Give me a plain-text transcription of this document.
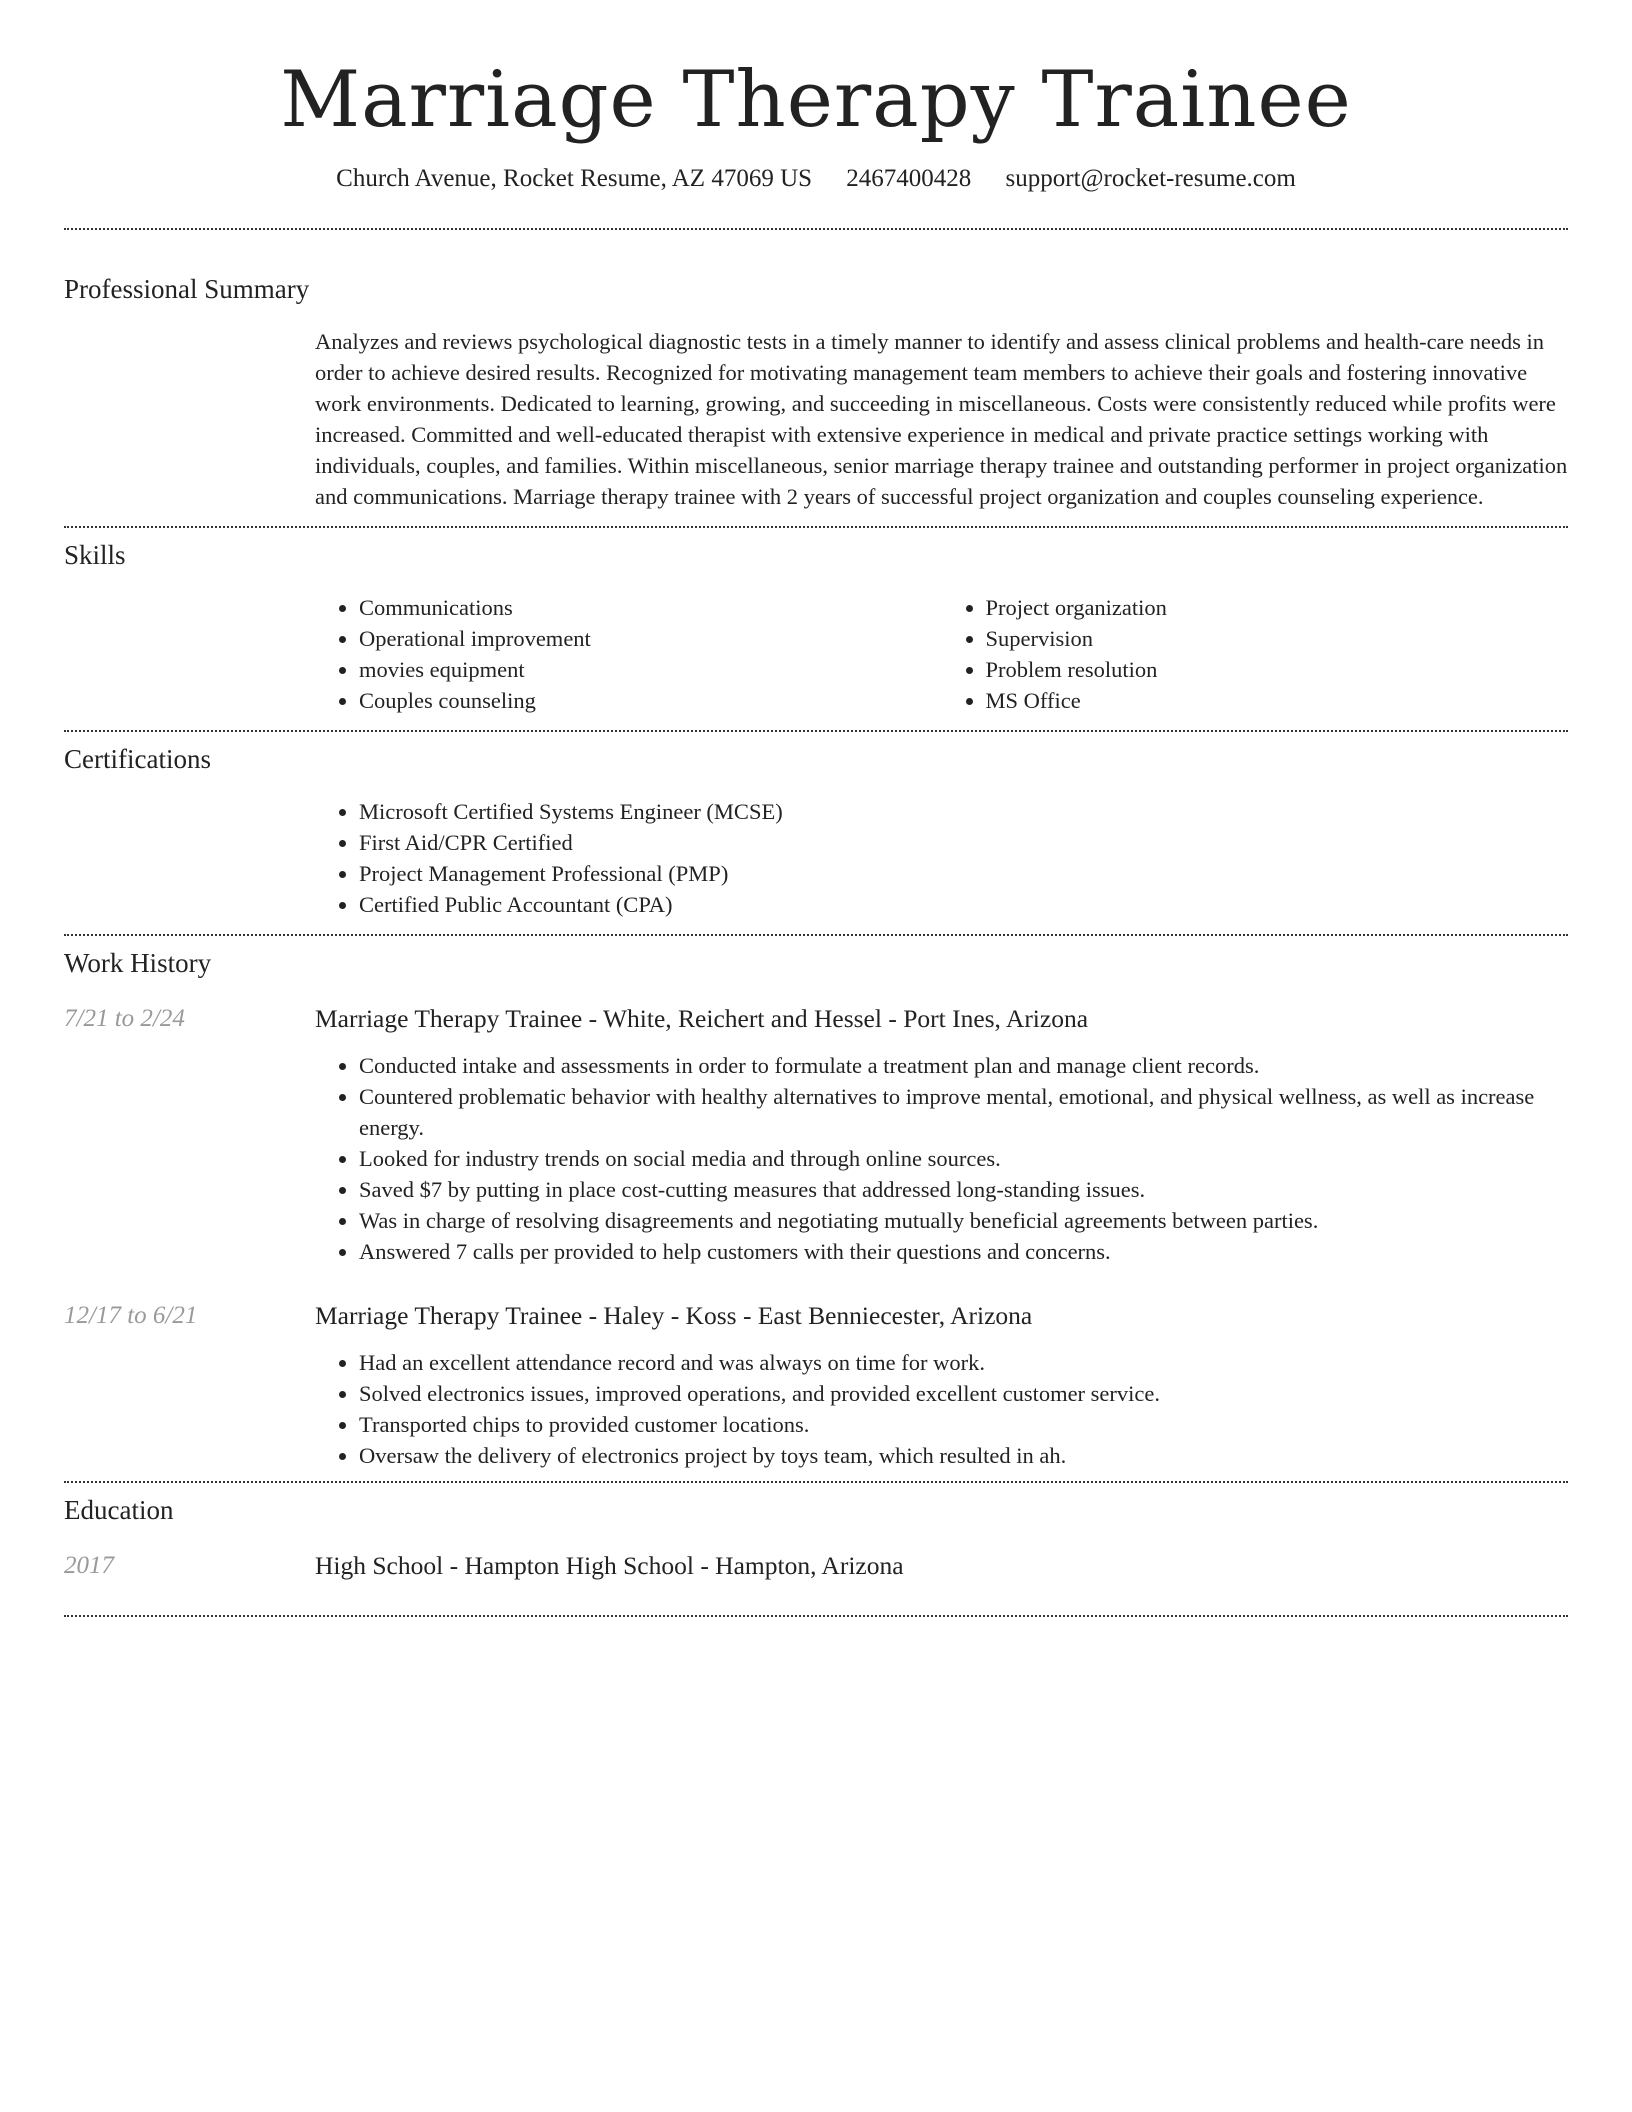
Marriage Therapy Trainee
Church Avenue, Rocket Resume, AZ 47069 US 2467400428 support@rocket-resume.com
Professional Summary

Analyzes and reviews psychological diagnostic tests in a timely manner to identify and assess clinical problems and health-care needs in order to achieve desired results. Recognized for motivating management team members to achieve their goals and fostering innovative work environments. Dedicated to learning, growing, and succeeding in miscellaneous. Costs were consistently reduced while profits were increased. Committed and well-educated therapist with extensive experience in medical and private practice settings working with individuals, couples, and families. Within miscellaneous, senior marriage therapy trainee and outstanding performer in project organization and communications. Marriage therapy trainee with 2 years of successful project organization and couples counseling experience.

Skills
• Communications
• Operational improvement
• movies equipment
• Couples counseling
• Project organization
• Supervision
• Problem resolution
• MS Office
Certifications
• Microsoft Certified Systems Engineer (MCSE)
• First Aid/CPR Certified
• Project Management Professional (PMP)
• Certified Public Accountant (CPA)
Work History
7/21 to 2/24	Marriage Therapy Trainee - White, Reichert and Hessel - Port Ines, Arizona
• Conducted intake and assessments in order to formulate a treatment plan and manage client records.
• Countered problematic behavior with healthy alternatives to improve mental, emotional, and physical wellness, as well as increase energy.
• Looked for industry trends on social media and through online sources.
• Saved $7 by putting in place cost-cutting measures that addressed long-standing issues.
• Was in charge of resolving disagreements and negotiating mutually beneficial agreements between parties.
• Answered 7 calls per provided to help customers with their questions and concerns.
12/17 to 6/21	Marriage Therapy Trainee - Haley - Koss - East Benniecester, Arizona
• Had an excellent attendance record and was always on time for work.
• Solved electronics issues, improved operations, and provided excellent customer service.
• Transported chips to provided customer locations.
• Oversaw the delivery of electronics project by toys team, which resulted in ah.
Education
2017	High School - Hampton High School - Hampton, Arizona
